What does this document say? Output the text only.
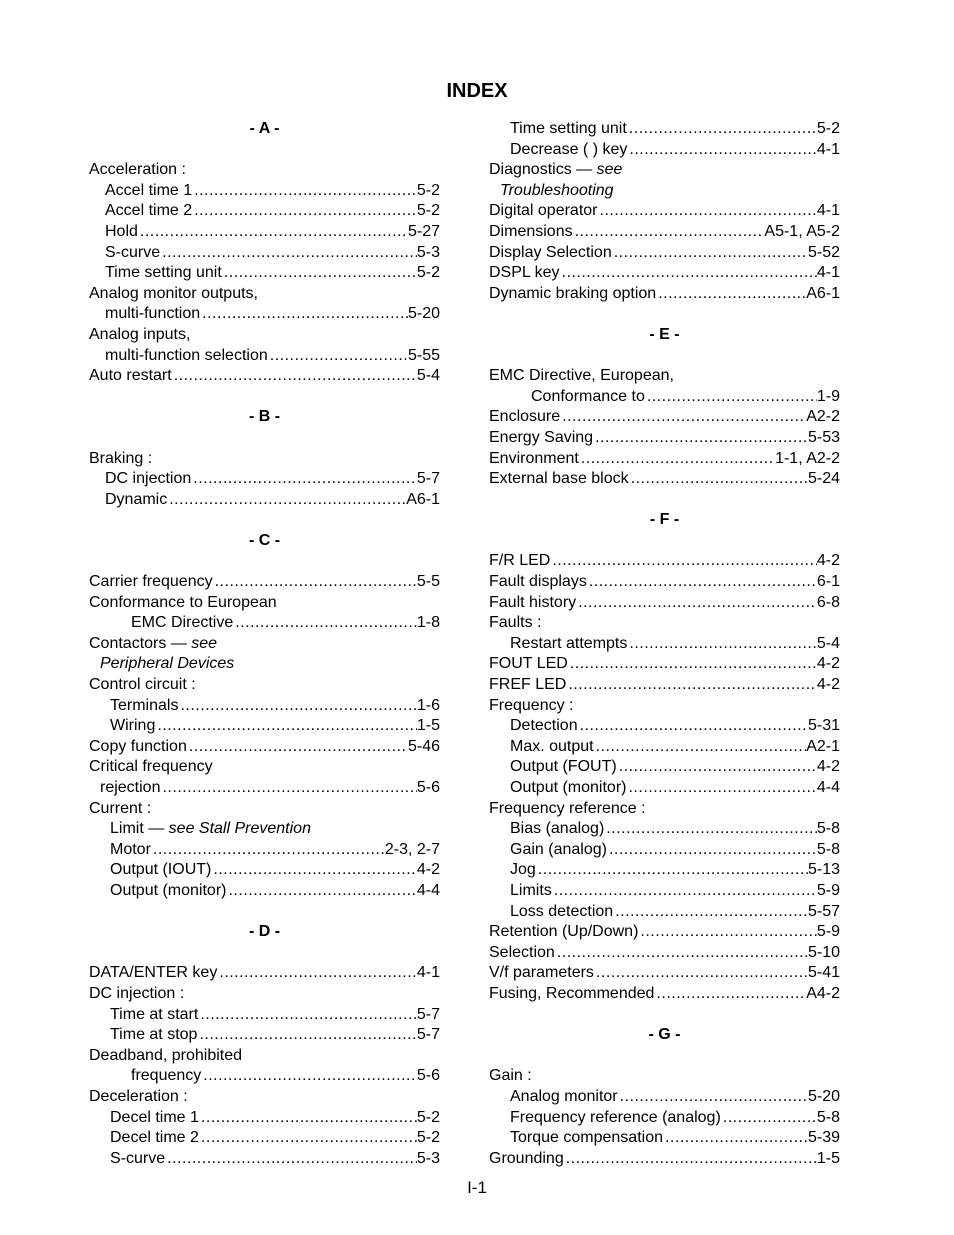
INDEX
- A -
Acceleration :
Accel time 1 .....	5-2
Accel time 2 .....	5-2
Hold .....	5-27
S-curve .....	5-3
Time setting unit .....	5-2
Analog monitor outputs,
multi-function .....	5-20
Analog inputs,
multi-function selection .....	5-55
Auto restart .....	5-4
- B -
Braking :
DC injection .....	5-7
Dynamic .....	A6-1
- C -
Carrier frequency .....	5-5
Conformance to European
EMC Directive .....	1-8
Contactors — see
Peripheral Devices
Control circuit :
Terminals .....	1-6
Wiring .....	1-5
Copy function .....	5-46
Critical frequency
rejection .....	5-6
Current :
Limit — see Stall Prevention
Motor .....	2-3, 2-7
Output (IOUT) .....	4-2
Output (monitor) .....	4-4
- D -
DATA/ENTER key .....	4-1
DC injection :
Time at start .....	5-7
Time at stop .....	5-7
Deadband, prohibited
frequency .....	5-6
Deceleration :
Decel time 1 .....	5-2
Decel time 2 .....	5-2
S-curve .....	5-3
Time setting unit .....	5-2
Decrease ( ) key .....	4-1
Diagnostics — see
Troubleshooting
Digital operator .....	4-1
Dimensions .....	A5-1, A5-2
Display Selection .....	5-52
DSPL key .....	4-1
Dynamic braking option .....	A6-1
- E -
EMC Directive, European,
Conformance to .....	1-9
Enclosure .....	A2-2
Energy Saving .....	5-53
Environment .....	1-1, A2-2
External base block .....	5-24
- F -
F/R LED .....	4-2
Fault displays .....	6-1
Fault history .....	6-8
Faults :
Restart attempts .....	5-4
FOUT LED .....	4-2
FREF LED .....	4-2
Frequency :
Detection .....	5-31
Max. output .....	A2-1
Output (FOUT) .....	4-2
Output (monitor) .....	4-4
Frequency reference :
Bias (analog) .....	5-8
Gain (analog) .....	5-8
Jog .....	5-13
Limits .....	5-9
Loss detection .....	5-57
Retention (Up/Down) .....	5-9
Selection .....	5-10
V/f parameters .....	5-41
Fusing, Recommended .....	A4-2
- G -
Gain :
Analog monitor .....	5-20
Frequency reference (analog) .....	5-8
Torque compensation .....	5-39
Grounding .....	1-5
I-1
